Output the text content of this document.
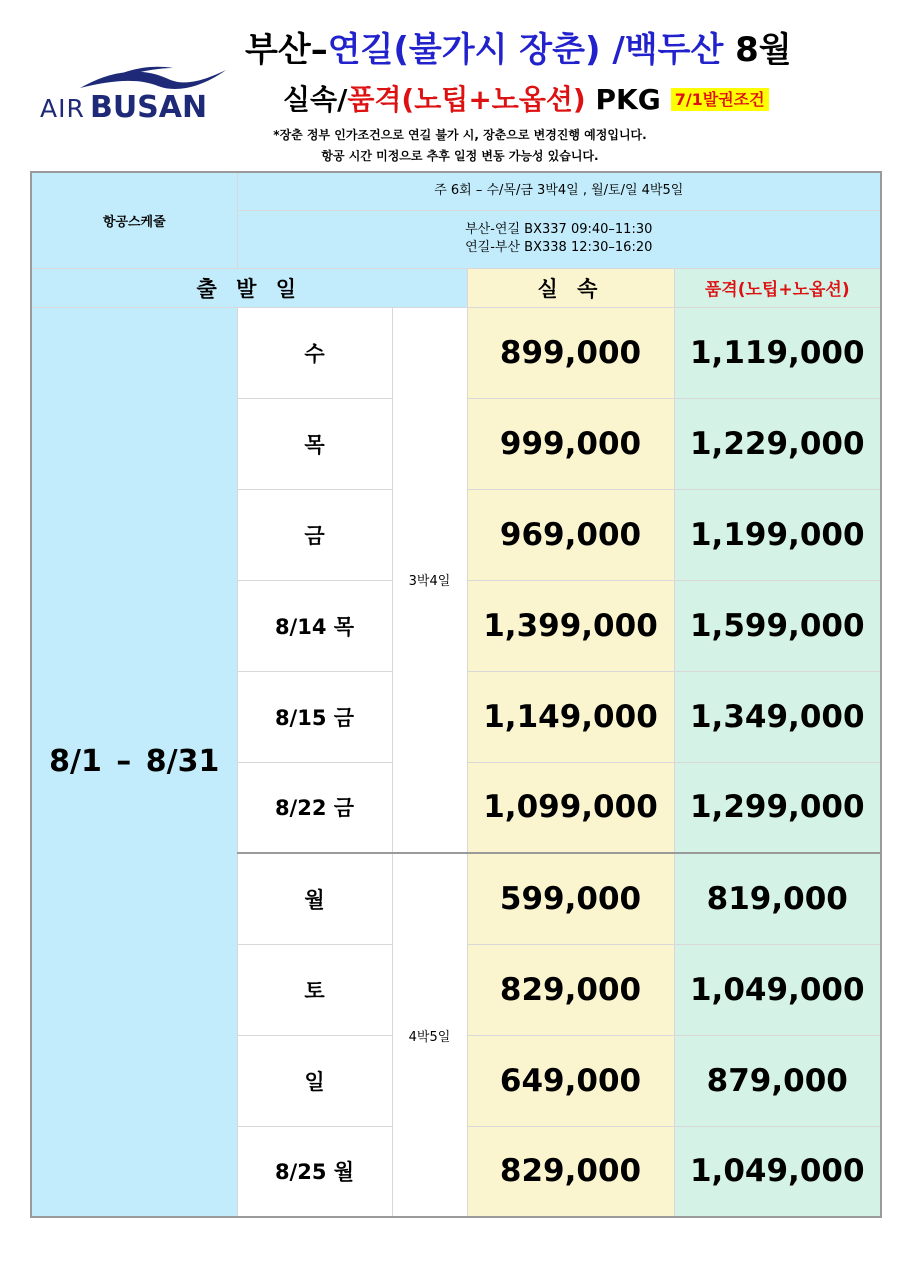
AIR BUSAN
부산–연길(불가시 장춘) /백두산 8월
실속/품격(노팁+노옵션) PKG 7/1발권조건
*장춘 정부 인가조건으로 연길 불가 시, 장춘으로 변경진행 예정입니다.
항공 시간 미정으로 추후 일정 변동 가능성 있습니다.
항공스케줄	주 6회 – 수/목/금 3박4일 , 월/토/일 4박5일			

	부산-연길 BX337 09:40–11:30
연길-부산 BX338 12:30–16:20			

출 발 일			실 속	품격(노팁+노옵션)
8/1 – 8/31	수	3박4일	899,000	1,119,000
	목		999,000	1,229,000
	금		969,000	1,199,000
	8/14 목		1,399,000	1,599,000
	8/15 금		1,149,000	1,349,000
	8/22 금		1,099,000	1,299,000
	월	4박5일	599,000	819,000
	토		829,000	1,049,000
	일		649,000	879,000
	8/25 월		829,000	1,049,000
